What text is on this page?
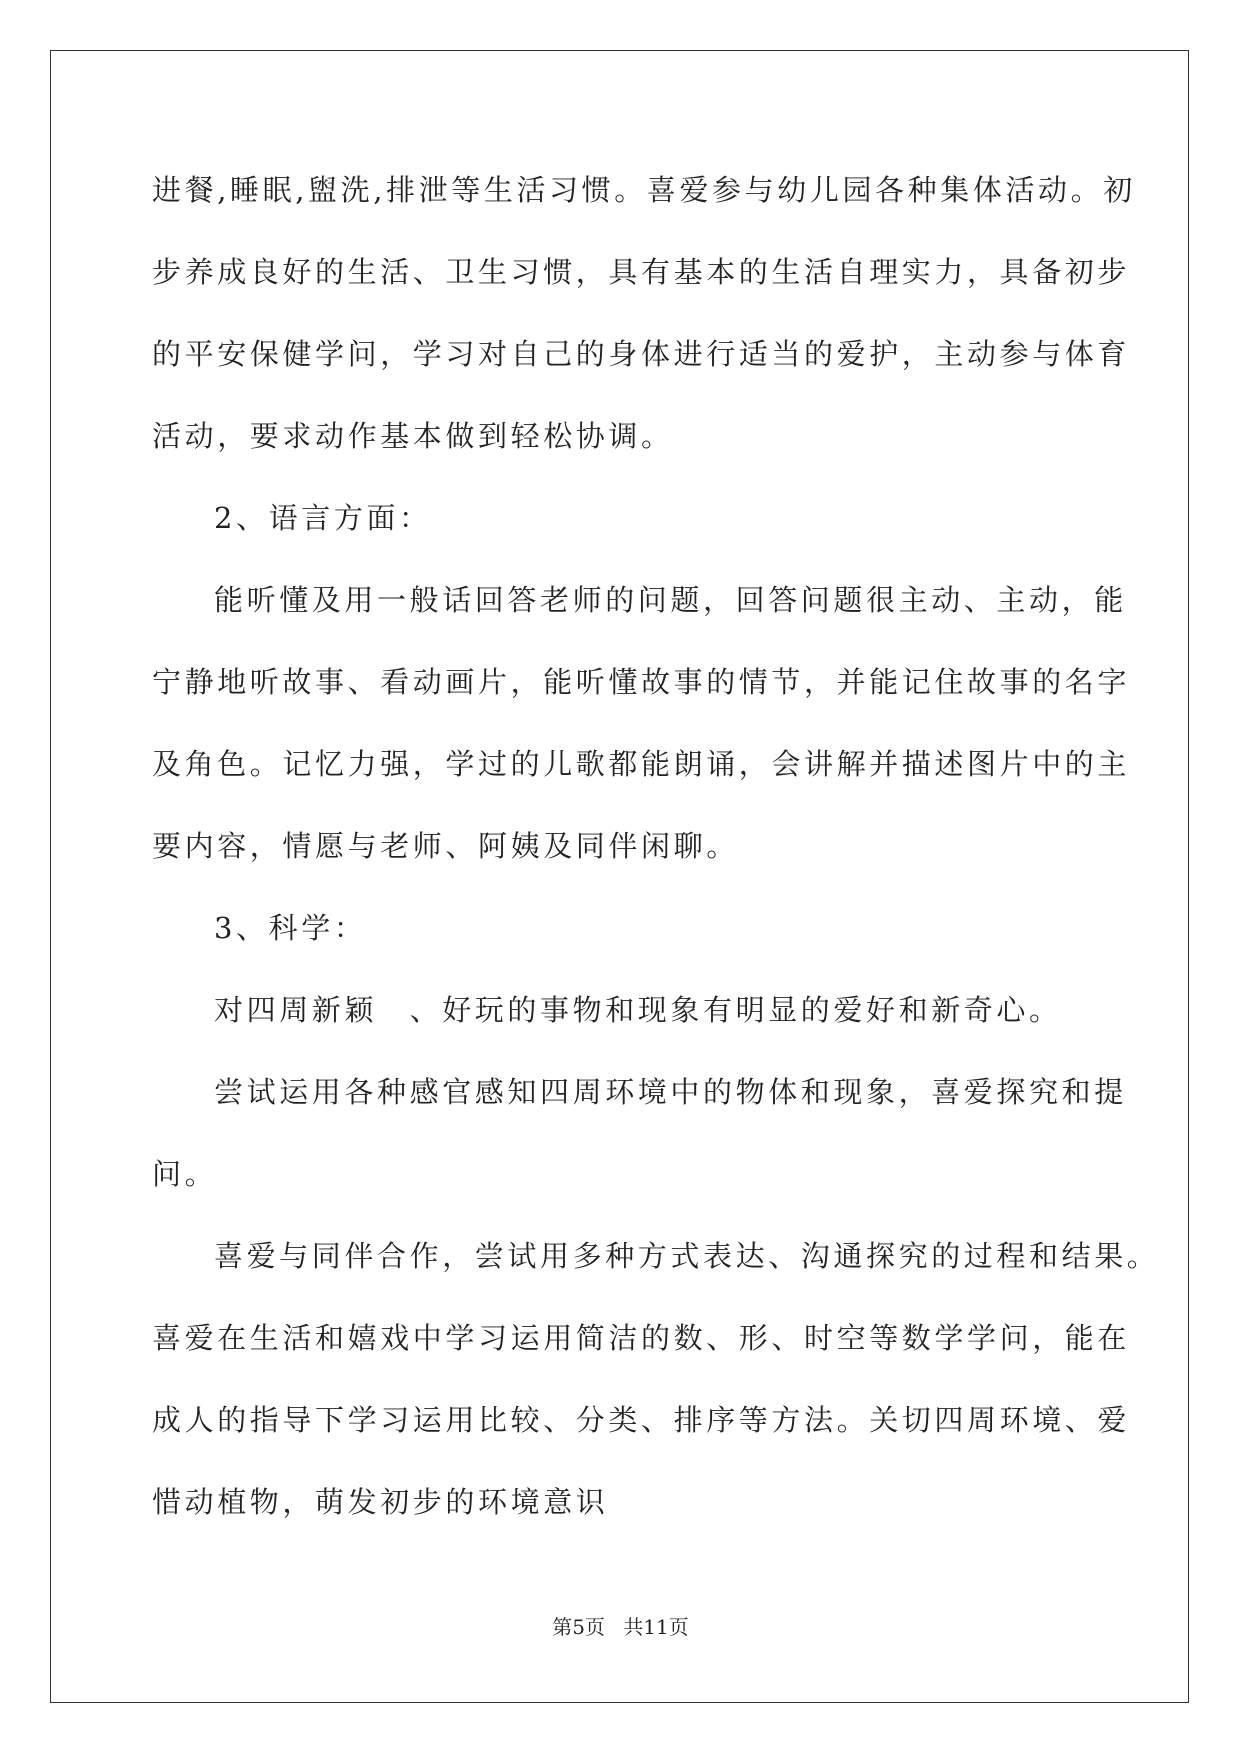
进餐,睡眠,盥洗,排泄等生活习惯。喜爱参与幼儿园各种集体活动。初
步养成良好的生活、卫生习惯，具有基本的生活自理实力，具备初步
的平安保健学问，学习对自己的身体进行适当的爱护，主动参与体育
活动，要求动作基本做到轻松协调。
2、语言方面：
能听懂及用一般话回答老师的问题，回答问题很主动、主动，能
宁静地听故事、看动画片，能听懂故事的情节，并能记住故事的名字
及角色。记忆力强，学过的儿歌都能朗诵，会讲解并描述图片中的主
要内容，情愿与老师、阿姨及同伴闲聊。
3、科学：
对四周新颖　、好玩的事物和现象有明显的爱好和新奇心。
尝试运用各种感官感知四周环境中的物体和现象，喜爱探究和提
问。
喜爱与同伴合作，尝试用多种方式表达、沟通探究的过程和结果。
喜爱在生活和嬉戏中学习运用简洁的数、形、时空等数学学问，能在
成人的指导下学习运用比较、分类、排序等方法。关切四周环境、爱
惜动植物，萌发初步的环境意识
第5页 共11页
